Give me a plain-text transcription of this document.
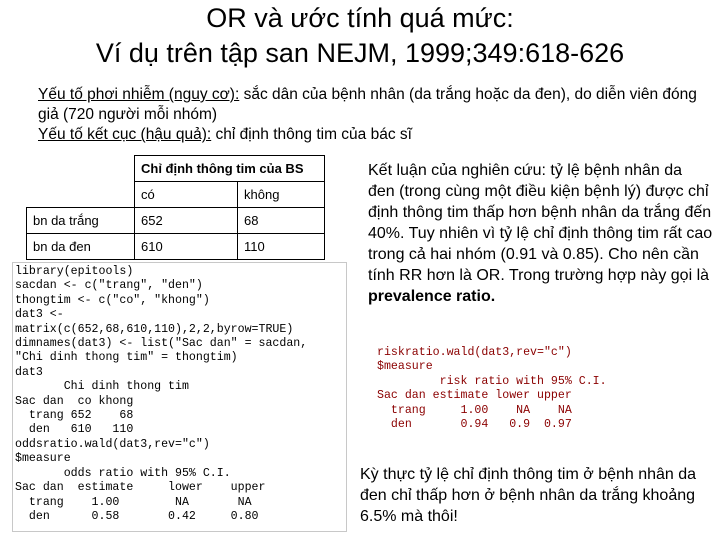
OR và ước tính quá mức:
Ví dụ trên tập san NEJM, 1999;349:618-626
Yếu tố phơi nhiễm (nguy cơ): sắc dân của bệnh nhân (da trắng hoặc da đen), do diễn viên đóng giả (720 người mỗi nhóm)
Yếu tố kết cục (hậu quả): chỉ định thông tim của bác sĩ
	Chỉ định thông tim của BS	
	có	không
bn da trắng	652	68
bn da đen	610	110
library(epitools)
sacdan <- c("trang", "den")
thongtim <- c("co", "khong")
dat3 <-
matrix(c(652,68,610,110),2,2,byrow=TRUE)
dimnames(dat3) <- list("Sac dan" = sacdan,
"Chi dinh thong tim" = thongtim)
dat3
Chi dinh thong tim
Sac dan  co khong
trang 652    68
den   610   110
oddsratio.wald(dat3,rev="c")
$measure
odds ratio with 95% C.I.
Sac dan  estimate     lower    upper
trang    1.00        NA       NA
den      0.58       0.42     0.80
Kết luận của nghiên cứu: tỷ lệ bệnh nhân da đen (trong cùng một điều kiện bệnh lý) được chỉ định thông tim thấp hơn bệnh nhân da trắng đến 40%. Tuy nhiên vì tỷ lệ chỉ định thông tim rất cao trong cả hai nhóm (0.91 và 0.85). Cho nên cần tính RR hơn là OR. Trong trường hợp này gọi là prevalence ratio.
riskratio.wald(dat3,rev="c")
$measure
risk ratio with 95% C.I.
Sac dan estimate lower upper
trang     1.00    NA    NA
den       0.94   0.9  0.97
Kỳ thực tỷ lệ chỉ định thông tim ở bệnh nhân da đen chỉ thấp hơn ở bệnh nhân da trắng khoảng 6.5% mà thôi!
